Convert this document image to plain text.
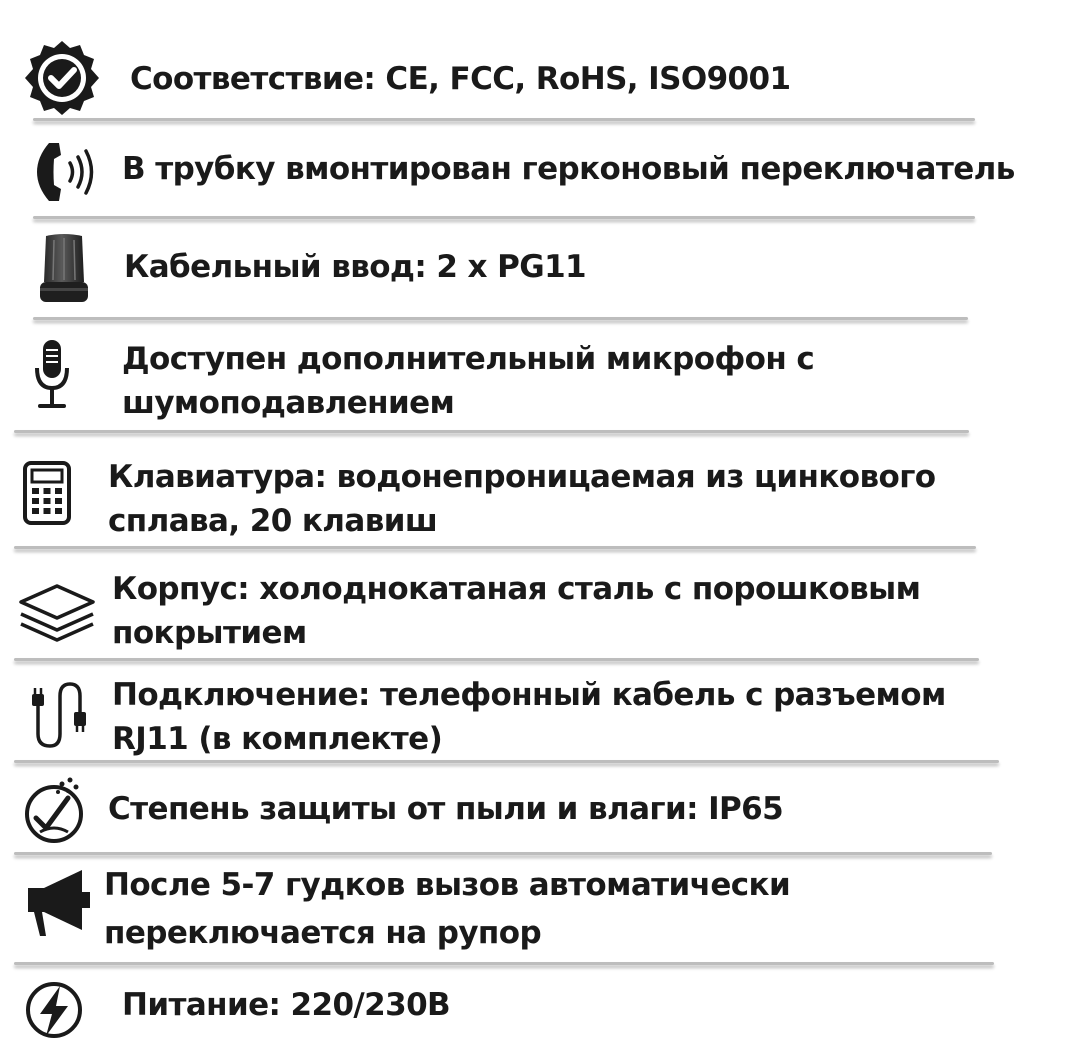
Соответствие: CE, FCC, RoHS, ISO9001
В трубку вмонтирован герконовый переключатель
Кабельный ввод: 2 x PG11
Доступен дополнительный микрофон с
шумоподавлением
Клавиатура: водонепроницаемая из цинкового
сплава, 20 клавиш
Корпус: холоднокатаная сталь с порошковым
покрытием
Подключение: телефонный кабель с разъемом
RJ11 (в комплекте)
Степень защиты от пыли и влаги: IP65
После 5-7 гудков вызов автоматически
переключается на рупор
Питание: 220/230В
